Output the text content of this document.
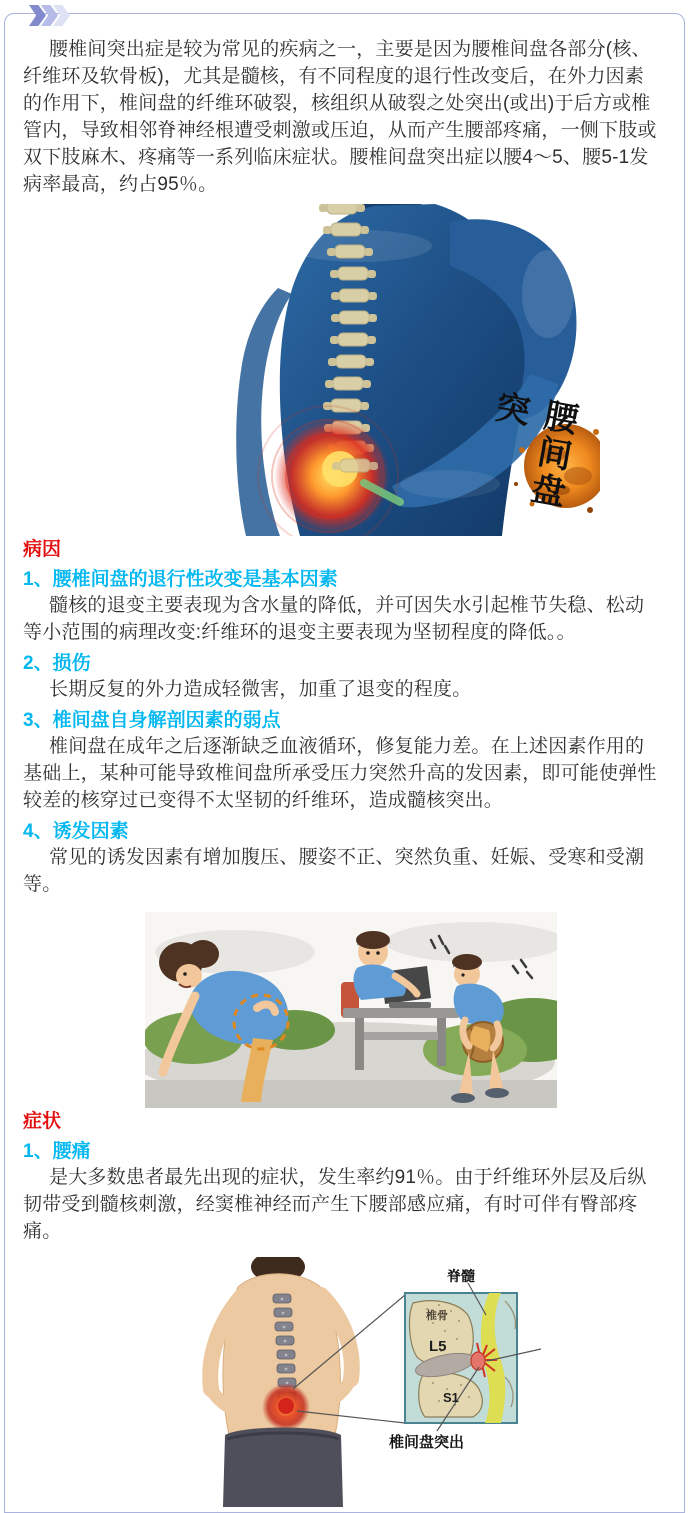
腰椎间突出症是较为常见的疾病之一，主要是因为腰椎间盘各部分(核、纤维环及软骨板)，尤其是髓核，有不同程度的退行性改变后，在外力因素的作用下，椎间盘的纤维环破裂，核组织从破裂之处突出(或出)于后方或椎管内，导致相邻脊神经根遭受刺激或压迫，从而产生腰部疼痛，一侧下肢或双下肢麻木、疼痛等一系列临床症状。腰椎间盘突出症以腰4～5、腰5-1发病率最高，约占95％。

腰间盘突
病因
1、腰椎间盘的退行性改变是基本因素

髓核的退变主要表现为含水量的降低，并可因失水引起椎节失稳、松动等小范围的病理改变:纤维环的退变主要表现为坚韧程度的降低。。

2、损伤

长期反复的外力造成轻微害，加重了退变的程度。

3、椎间盘自身解剖因素的弱点

椎间盘在成年之后逐渐缺乏血液循环，修复能力差。在上述因素作用的基础上，某种可能导致椎间盘所承受压力突然升高的发因素，即可能使弹性较差的核穿过已变得不太坚韧的纤维环，造成髓核突出。

4、诱发因素

常见的诱发因素有增加腹压、腰姿不正、突然负重、妊娠、受寒和受潮等。

症状
1、腰痛

是大多数患者最先出现的症状，发生率约91％。由于纤维环外层及后纵韧带受到髓核刺激，经窦椎神经而产生下腰部感应痛，有时可伴有臀部疼痛。

椎骨
L5
S1
脊髓
椎间盘突出
